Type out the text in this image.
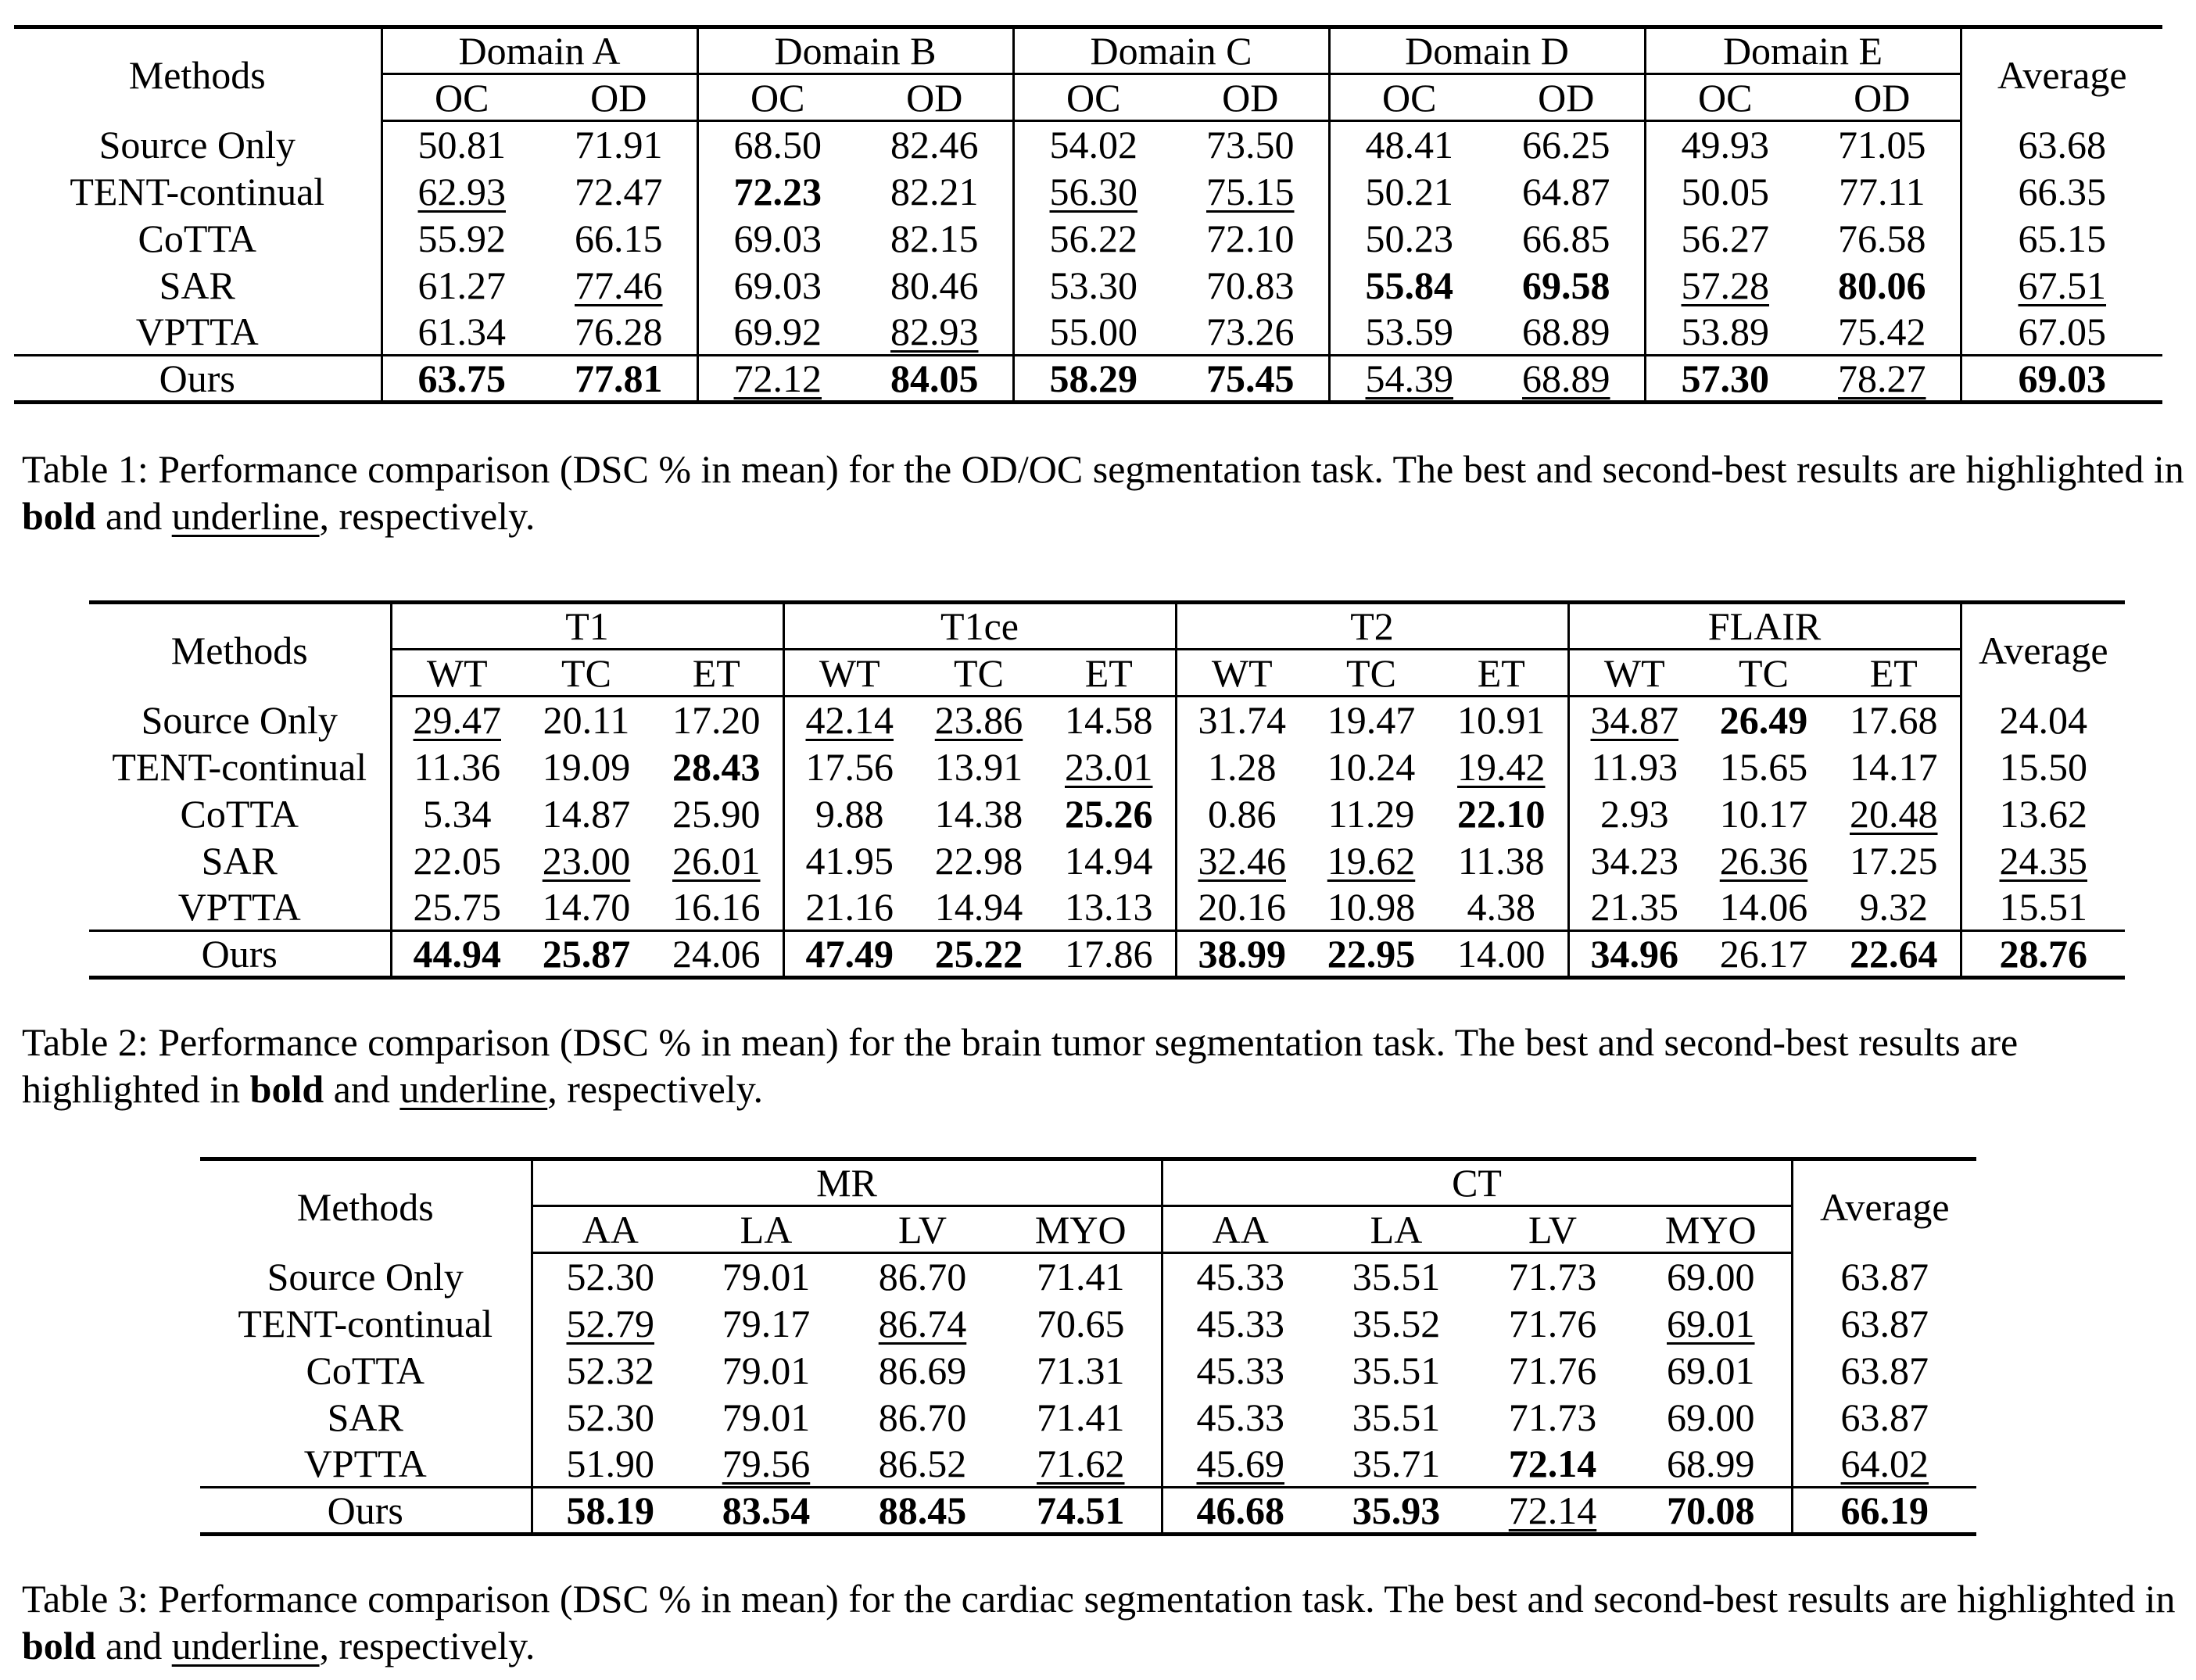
Methods	Domain A		Domain B		Domain C		Domain D		Domain E		Average
	OC	OD	OC	OD	OC	OD	OC	OD	OC	OD	
Source Only	50.81	71.91	68.50	82.46	54.02	73.50	48.41	66.25	49.93	71.05	63.68
TENT-continual	62.93	72.47	72.23	82.21	56.30	75.15	50.21	64.87	50.05	77.11	66.35
CoTTA	55.92	66.15	69.03	82.15	56.22	72.10	50.23	66.85	56.27	76.58	65.15
SAR	61.27	77.46	69.03	80.46	53.30	70.83	55.84	69.58	57.28	80.06	67.51
VPTTA	61.34	76.28	69.92	82.93	55.00	73.26	53.59	68.89	53.89	75.42	67.05
Ours	63.75	77.81	72.12	84.05	58.29	75.45	54.39	68.89	57.30	78.27	69.03

Table 1: Performance comparison (DSC % in mean) for the OD/OC segmentation task. The best and second-best results are highlighted in bold and underline, respectively.

Methods	T1			T1ce			T2			FLAIR			Average
	WT	TC	ET	WT	TC	ET	WT	TC	ET	WT	TC	ET	
Source Only	29.47	20.11	17.20	42.14	23.86	14.58	31.74	19.47	10.91	34.87	26.49	17.68	24.04
TENT-continual	11.36	19.09	28.43	17.56	13.91	23.01	1.28	10.24	19.42	11.93	15.65	14.17	15.50
CoTTA	5.34	14.87	25.90	9.88	14.38	25.26	0.86	11.29	22.10	2.93	10.17	20.48	13.62
SAR	22.05	23.00	26.01	41.95	22.98	14.94	32.46	19.62	11.38	34.23	26.36	17.25	24.35
VPTTA	25.75	14.70	16.16	21.16	14.94	13.13	20.16	10.98	4.38	21.35	14.06	9.32	15.51
Ours	44.94	25.87	24.06	47.49	25.22	17.86	38.99	22.95	14.00	34.96	26.17	22.64	28.76

Table 2: Performance comparison (DSC % in mean) for the brain tumor segmentation task. The best and second-best results are highlighted in bold and underline, respectively.

Methods	MR				CT				Average
	AA	LA	LV	MYO	AA	LA	LV	MYO	
Source Only	52.30	79.01	86.70	71.41	45.33	35.51	71.73	69.00	63.87
TENT-continual	52.79	79.17	86.74	70.65	45.33	35.52	71.76	69.01	63.87
CoTTA	52.32	79.01	86.69	71.31	45.33	35.51	71.76	69.01	63.87
SAR	52.30	79.01	86.70	71.41	45.33	35.51	71.73	69.00	63.87
VPTTA	51.90	79.56	86.52	71.62	45.69	35.71	72.14	68.99	64.02
Ours	58.19	83.54	88.45	74.51	46.68	35.93	72.14	70.08	66.19

Table 3: Performance comparison (DSC % in mean) for the cardiac segmentation task. The best and second-best results are highlighted in bold and underline, respectively.
